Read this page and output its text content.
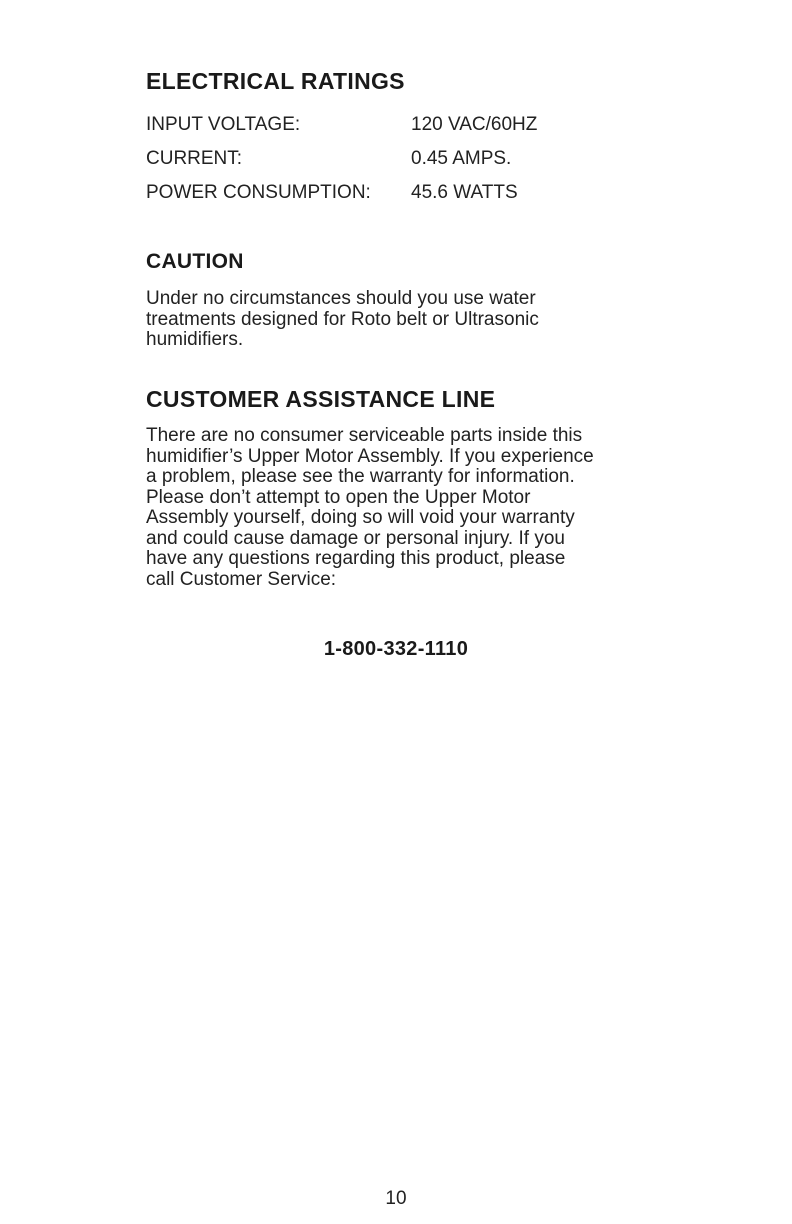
ELECTRICAL RATINGS
INPUT VOLTAGE:	120 VAC/60HZ
CURRENT:	0.45 AMPS.
POWER CONSUMPTION: 45.6 WATTS
CAUTION

Under no circumstances should you use water
treatments designed for Roto belt or Ultrasonic
humidifiers.

CUSTOMER ASSISTANCE LINE

There are no consumer serviceable parts inside this
humidifier’s Upper Motor Assembly. If you experience
a problem, please see the warranty for information.
Please don’t attempt to open the Upper Motor
Assembly yourself, doing so will void your warranty
and could cause damage or personal injury. If you
have any questions regarding this product, please
call Customer Service:

1-800-332-1110
10
